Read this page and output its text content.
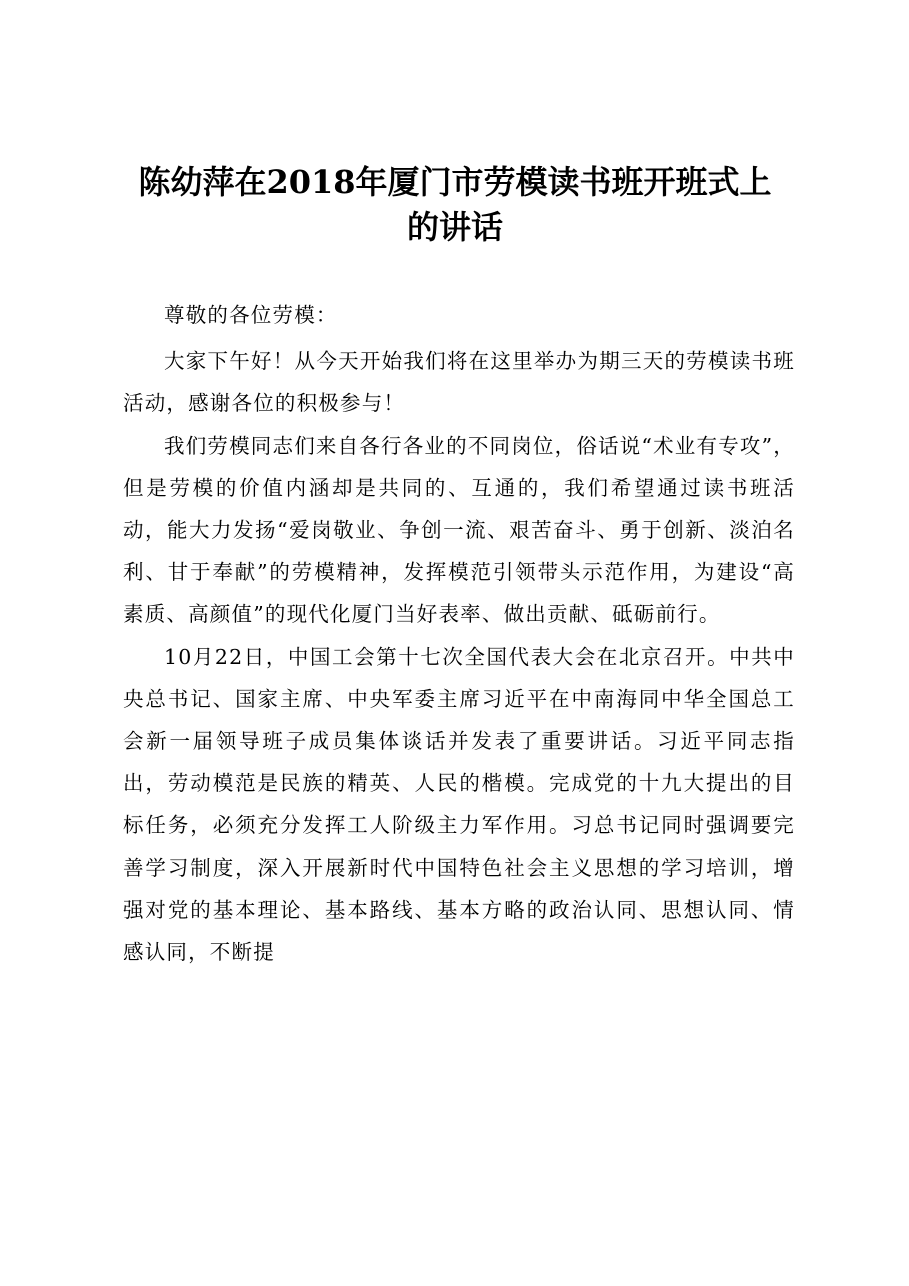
陈幼萍在2018年厦门市劳模读书班开班式上的讲话

尊敬的各位劳模：

大家下午好！从今天开始我们将在这里举办为期三天的劳模读书班活动，感谢各位的积极参与！

我们劳模同志们来自各行各业的不同岗位，俗话说“术业有专攻”，但是劳模的价值内涵却是共同的、互通的，我们希望通过读书班活动，能大力发扬“爱岗敬业、争创一流、艰苦奋斗、勇于创新、淡泊名利、甘于奉献”的劳模精神，发挥模范引领带头示范作用，为建设“高素质、高颜值”的现代化厦门当好表率、做出贡献、砥砺前行。

10月22日，中国工会第十七次全国代表大会在北京召开。中共中央总书记、国家主席、中央军委主席习近平在中南海同中华全国总工会新一届领导班子成员集体谈话并发表了重要讲话。习近平同志指出，劳动模范是民族的精英、人民的楷模。完成党的十九大提出的目标任务，必须充分发挥工人阶级主力军作用。习总书记同时强调要完善学习制度，深入开展新时代中国特色社会主义思想的学习培训，增强对党的基本理论、基本路线、基本方略的政治认同、思想认同、情感认同，不断提
